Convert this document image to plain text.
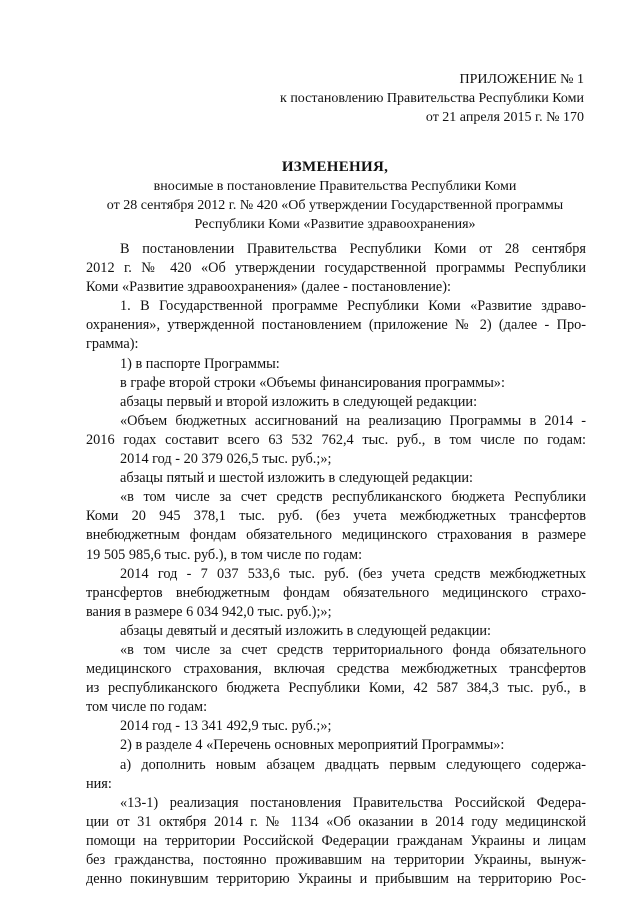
ПРИЛОЖЕНИЕ № 1
к постановлению Правительства Республики Коми
от 21 апреля 2015 г. № 170
ИЗМЕНЕНИЯ,
вносимые в постановление Правительства Республики Коми
от 28 сентября 2012 г. № 420 «Об утверждении Государственной программы
Республики Коми «Развитие здравоохранения»
В постановлении Правительства Республики Коми от 28 сентября
2012 г. № 420 «Об утверждении государственной программы Республики
Коми «Развитие здравоохранения» (далее - постановление):
1. В Государственной программе Республики Коми «Развитие здраво-
охранения», утвержденной постановлением (приложение № 2) (далее - Про-
грамма):
1) в паспорте Программы:
в графе второй строки «Объемы финансирования программы»:
абзацы первый и второй изложить в следующей редакции:
«Объем бюджетных ассигнований на реализацию Программы в 2014 -
2016 годах составит всего 63 532 762,4 тыс. руб., в том числе по годам:
2014 год - 20 379 026,5 тыс. руб.;»;
абзацы пятый и шестой изложить в следующей редакции:
«в том числе за счет средств республиканского бюджета Республики
Коми 20 945 378,1 тыс. руб. (без учета межбюджетных трансфертов
внебюджетным фондам обязательного медицинского страхования в размере
19 505 985,6 тыс. руб.), в том числе по годам:
2014 год - 7 037 533,6 тыс. руб. (без учета средств межбюджетных
трансфертов внебюджетным фондам обязательного медицинского страхо-
вания в размере 6 034 942,0 тыс. руб.);»;
абзацы девятый и десятый изложить в следующей редакции:
«в том числе за счет средств территориального фонда обязательного
медицинского страхования, включая средства межбюджетных трансфертов
из республиканского бюджета Республики Коми, 42 587 384,3 тыс. руб., в
том числе по годам:
2014 год - 13 341 492,9 тыс. руб.;»;
2) в разделе 4 «Перечень основных мероприятий Программы»:
а) дополнить новым абзацем двадцать первым следующего содержа-
ния:
«13-1) реализация постановления Правительства Российской Федера-
ции от 31 октября 2014 г. № 1134 «Об оказании в 2014 году медицинской
помощи на территории Российской Федерации гражданам Украины и лицам
без гражданства, постоянно проживавшим на территории Украины, вынуж-
денно покинувшим территорию Украины и прибывшим на территорию Рос-
